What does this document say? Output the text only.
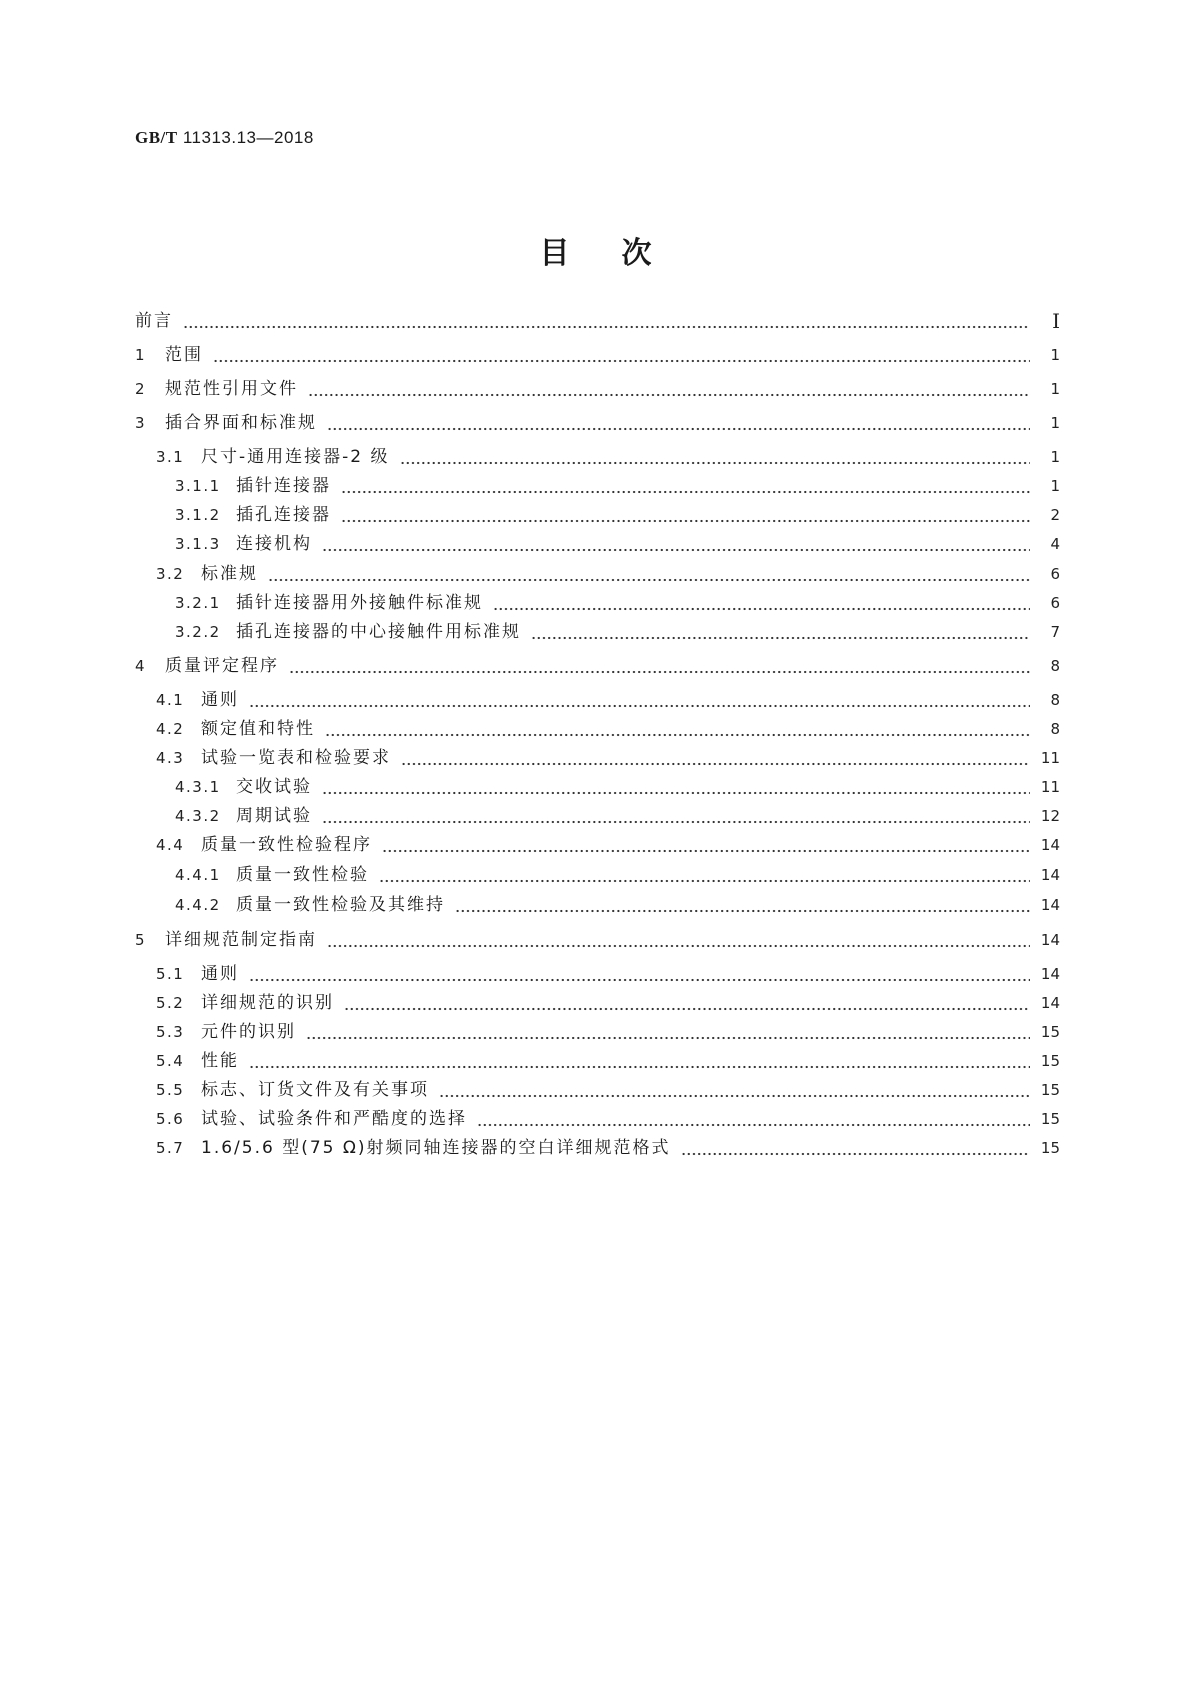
GB/T 11313.13—2018
目次
前言	Ⅰ
1	范围	1
2	规范性引用文件	1
3	插合界面和标准规	1
3.1 尺寸-通用连接器-2 级	1
3.1.1 插针连接器	1
3.1.2 插孔连接器	2
3.1.3 连接机构	4
3.2 标准规	6
3.2.1 插针连接器用外接触件标准规	6
3.2.2 插孔连接器的中心接触件用标准规	7
4	质量评定程序	8
4.1 通则	8
4.2 额定值和特性	8
4.3 试验一览表和检验要求	11
4.3.1 交收试验	11
4.3.2 周期试验	12
4.4 质量一致性检验程序	14
4.4.1 质量一致性检验	14
4.4.2 质量一致性检验及其维持	14
5	详细规范制定指南	14
5.1 通则	14
5.2 详细规范的识别	14
5.3 元件的识别	15
5.4 性能	15
5.5 标志、订货文件及有关事项	15
5.6 试验、试验条件和严酷度的选择	15
5.7 1.6/5.6 型(75 Ω)射频同轴连接器的空白详细规范格式	15
